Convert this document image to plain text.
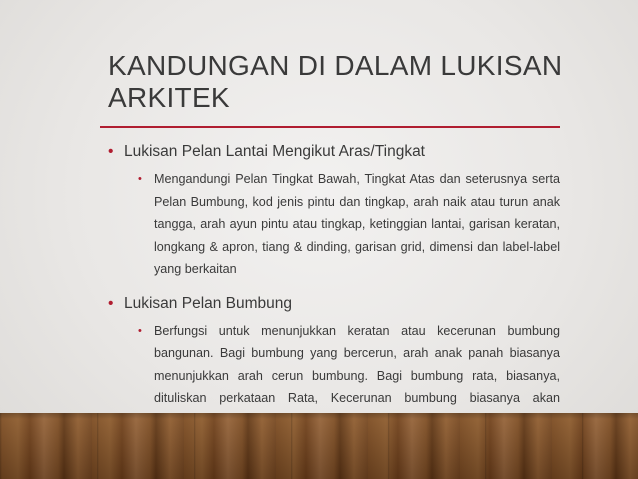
KANDUNGAN DI DALAM LUKISAN ARKITEK
• Lukisan Pelan Lantai Mengikut Aras/Tingkat
• Mengandungi Pelan Tingkat Bawah, Tingkat Atas dan seterusnya serta Pelan Bumbung, kod jenis pintu dan tingkap, arah naik atau turun anak tangga, arah ayun pintu atau tingkap, ketinggian lantai, garisan keratan, longkang & apron, tiang & dinding, garisan grid, dimensi dan label-label yang berkaitan
• Lukisan Pelan Bumbung
• Berfungsi untuk menunjukkan keratan atau kecerunan bumbung bangunan. Bagi bumbung yang bercerun, arah anak panah biasanya menunjukkan arah cerun bumbung. Bagi bumbung rata, biasanya, dituliskan perkataan Rata, Kecerunan bumbung biasanya akan
